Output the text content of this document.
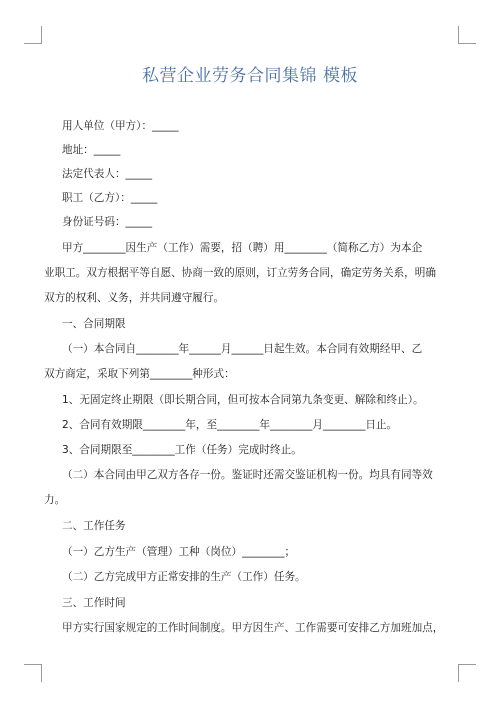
私营企业劳务合同集锦 模板
用人单位（甲方）：_____
地址：_____
法定代表人：_____
职工（乙方）：_____
身份证号码：_____
甲方________因生产（工作）需要，招（聘）用________（简称乙方）为本企
业职工。双方根据平等自愿、协商一致的原则，订立劳务合同，确定劳务关系，明确
双方的权利、义务，并共同遵守履行。
一、合同期限
（一）本合同自________年______月______日起生效。本合同有效期经甲、乙
双方商定，采取下列第________种形式：
1、无固定终止期限（即长期合同，但可按本合同第九条变更、解除和终止）。
2、合同有效期限________年，至________年________月________日止。
3、合同期限至________工作（任务）完成时终止。
（二）本合同由甲乙双方各存一份。鉴证时还需交鉴证机构一份。均具有同等效
力。
二、工作任务
（一）乙方生产（管理）工种（岗位）________；
（二）乙方完成甲方正常安排的生产（工作）任务。
三、工作时间
甲方实行国家规定的工作时间制度。甲方因生产、工作需要可安排乙方加班加点，
